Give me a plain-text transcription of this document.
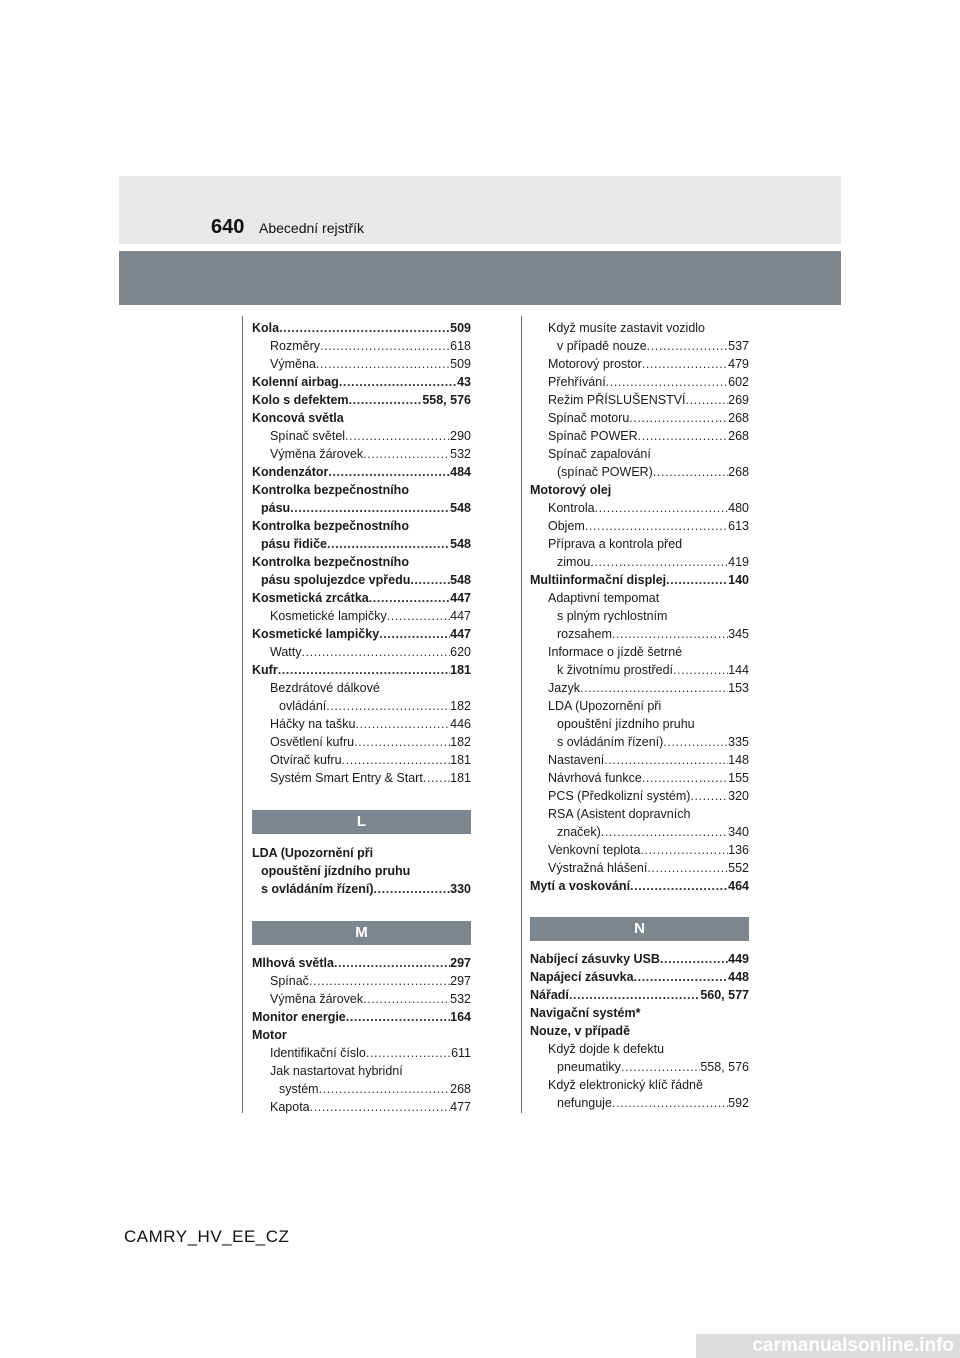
640 Abecední rejstřík
Kola .....	509
Rozměry .....	618
Výměna .....	509
Kolenní airbag .....	43
Kolo s defektem .....	558, 576
Koncová světla
Spínač světel .....	290
Výměna žárovek .....	532
Kondenzátor .....	484
Kontrolka bezpečnostního
pásu .....	548
Kontrolka bezpečnostního
pásu řidiče .....	548
Kontrolka bezpečnostního
pásu spolujezdce vpředu .....	548
Kosmetická zrcátka .....	447
Kosmetické lampičky .....	447
Kosmetické lampičky .....	447
Watty .....	620
Kufr .....	181
Bezdrátové dálkové
ovládání .....	182
Háčky na tašku .....	446
Osvětlení kufru .....	182
Otvírač kufru .....	181
Systém Smart Entry & Start ..... 181
L
LDA (Upozornění při
opouštění jízdního pruhu
s ovládáním řízení) .....	330
M
Mlhová světla .....	297
Spínač .....	297
Výměna žárovek .....	532
Monitor energie .....	164
Motor
Identifikační číslo .....	611
Jak nastartovat hybridní
systém .....	268
Kapota .....	477
Když musíte zastavit vozidlo
v případě nouze .....	537
Motorový prostor .....	479
Přehřívání .....	602
Režim PŘÍSLUŠENSTVÍ .....	269
Spínač motoru .....	268
Spínač POWER .....	268
Spínač zapalování
(spínač POWER) .....	268
Motorový olej
Kontrola .....	480
Objem .....	613
Příprava a kontrola před
zimou .....	419
Multiinformační displej .....	140
Adaptivní tempomat
s plným rychlostním
rozsahem .....	345
Informace o jízdě šetrné
k životnímu prostředí .....	144
Jazyk .....	153
LDA (Upozornění při
opouštění jízdního pruhu
s ovládáním řízení) .....	335
Nastavení .....	148
Návrhová funkce .....	155
PCS (Předkolizní systém) .....	320
RSA (Asistent dopravních
značek) .....	340
Venkovní teplota .....	136
Výstražná hlášení .....	552
Mytí a voskování .....	464
N
Nabíjecí zásuvky USB .....	449
Napájecí zásuvka .....	448
Nářadí .....	560, 577
Navigační systém*
Nouze, v případě
Když dojde k defektu
pneumatiky .....	558, 576
Když elektronický klíč řádně
nefunguje .....	592
CAMRY_HV_EE_CZ
carmanualsonline.info
